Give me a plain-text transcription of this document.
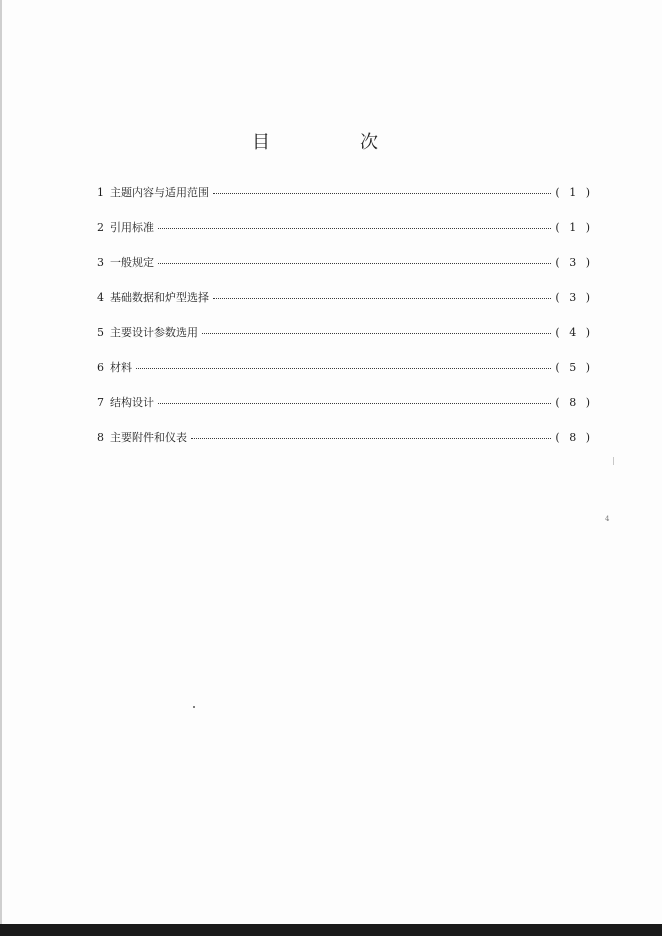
目　次
1 主题内容与适用范围	( 1 )
2 引用标准	( 1 )
3 一般规定	( 3 )
4 基础数据和炉型选择	( 3 )
5 主要设计参数选用	( 4 )
6 材料	( 5 )
7 结构设计	( 8 )
8 主要附件和仪表	( 8 )
4
